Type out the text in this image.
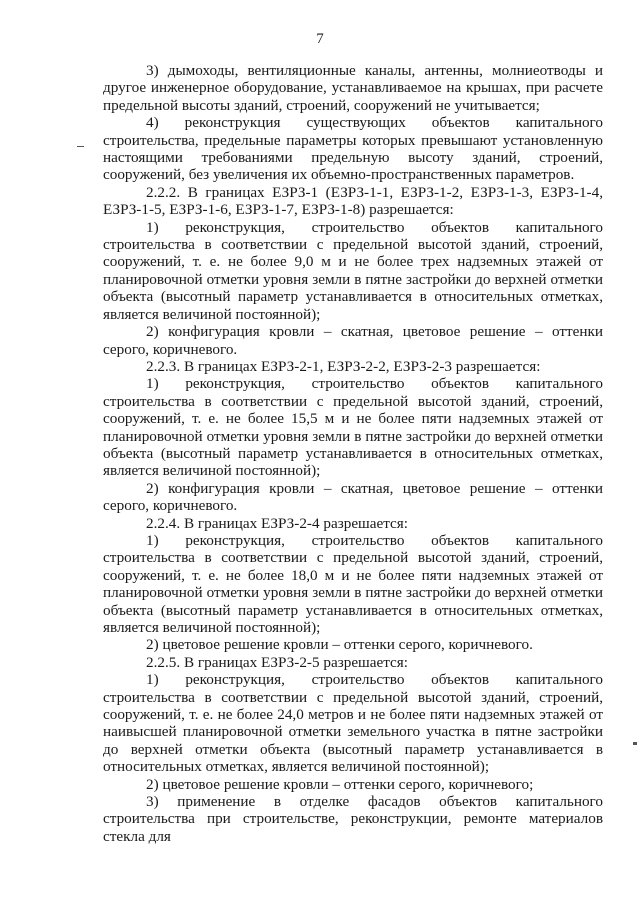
7

3) дымоходы, вентиляционные каналы, антенны, молниеотводы и другое инженерное оборудование, устанавливаемое на крышах, при расчете предельной высоты зданий, строений, сооружений не учитывается;

4) реконструкция существующих объектов капитального строительства, предельные параметры которых превышают установленную настоящими требованиями предельную высоту зданий, строений, сооружений, без увеличения их объемно-пространственных параметров.

2.2.2. В границах ЕЗРЗ-1 (ЕЗРЗ-1-1, ЕЗРЗ-1-2, ЕЗРЗ-1-3, ЕЗРЗ-1-4, ЕЗРЗ-1-5, ЕЗРЗ-1-6, ЕЗРЗ-1-7, ЕЗРЗ-1-8) разрешается:

1) реконструкция, строительство объектов капитального строительства в соответствии с предельной высотой зданий, строений, сооружений, т. е. не более 9,0 м и не более трех надземных этажей от планировочной отметки уровня земли в пятне застройки до верхней отметки объекта (высотный параметр устанавливается в относительных отметках, является величиной постоянной);

2) конфигурация кровли – скатная, цветовое решение – оттенки серого, коричневого.

2.2.3. В границах ЕЗРЗ-2-1, ЕЗРЗ-2-2, ЕЗРЗ-2-3 разрешается:

1) реконструкция, строительство объектов капитального строительства в соответствии с предельной высотой зданий, строений, сооружений, т. е. не более 15,5 м и не более пяти надземных этажей от планировочной отметки уровня земли в пятне застройки до верхней отметки объекта (высотный параметр устанавливается в относительных отметках, является величиной постоянной);

2) конфигурация кровли – скатная, цветовое решение – оттенки серого, коричневого.

2.2.4. В границах ЕЗРЗ-2-4 разрешается:

1) реконструкция, строительство объектов капитального строительства в соответствии с предельной высотой зданий, строений, сооружений, т. е. не более 18,0 м и не более пяти надземных этажей от планировочной отметки уровня земли в пятне застройки до верхней отметки объекта (высотный параметр устанавливается в относительных отметках, является величиной постоянной);

2) цветовое решение кровли – оттенки серого, коричневого.

2.2.5. В границах ЕЗРЗ-2-5 разрешается:

1) реконструкция, строительство объектов капитального строительства в соответствии с предельной высотой зданий, строений, сооружений, т. е. не более 24,0 метров и не более пяти надземных этажей от наивысшей планировочной отметки земельного участка в пятне застройки до верхней отметки объекта (высотный параметр устанавливается в относительных отметках, является величиной постоянной);

2) цветовое решение кровли – оттенки серого, коричневого;

3) применение в отделке фасадов объектов капитального строительства при строительстве, реконструкции, ремонте материалов стекла для
